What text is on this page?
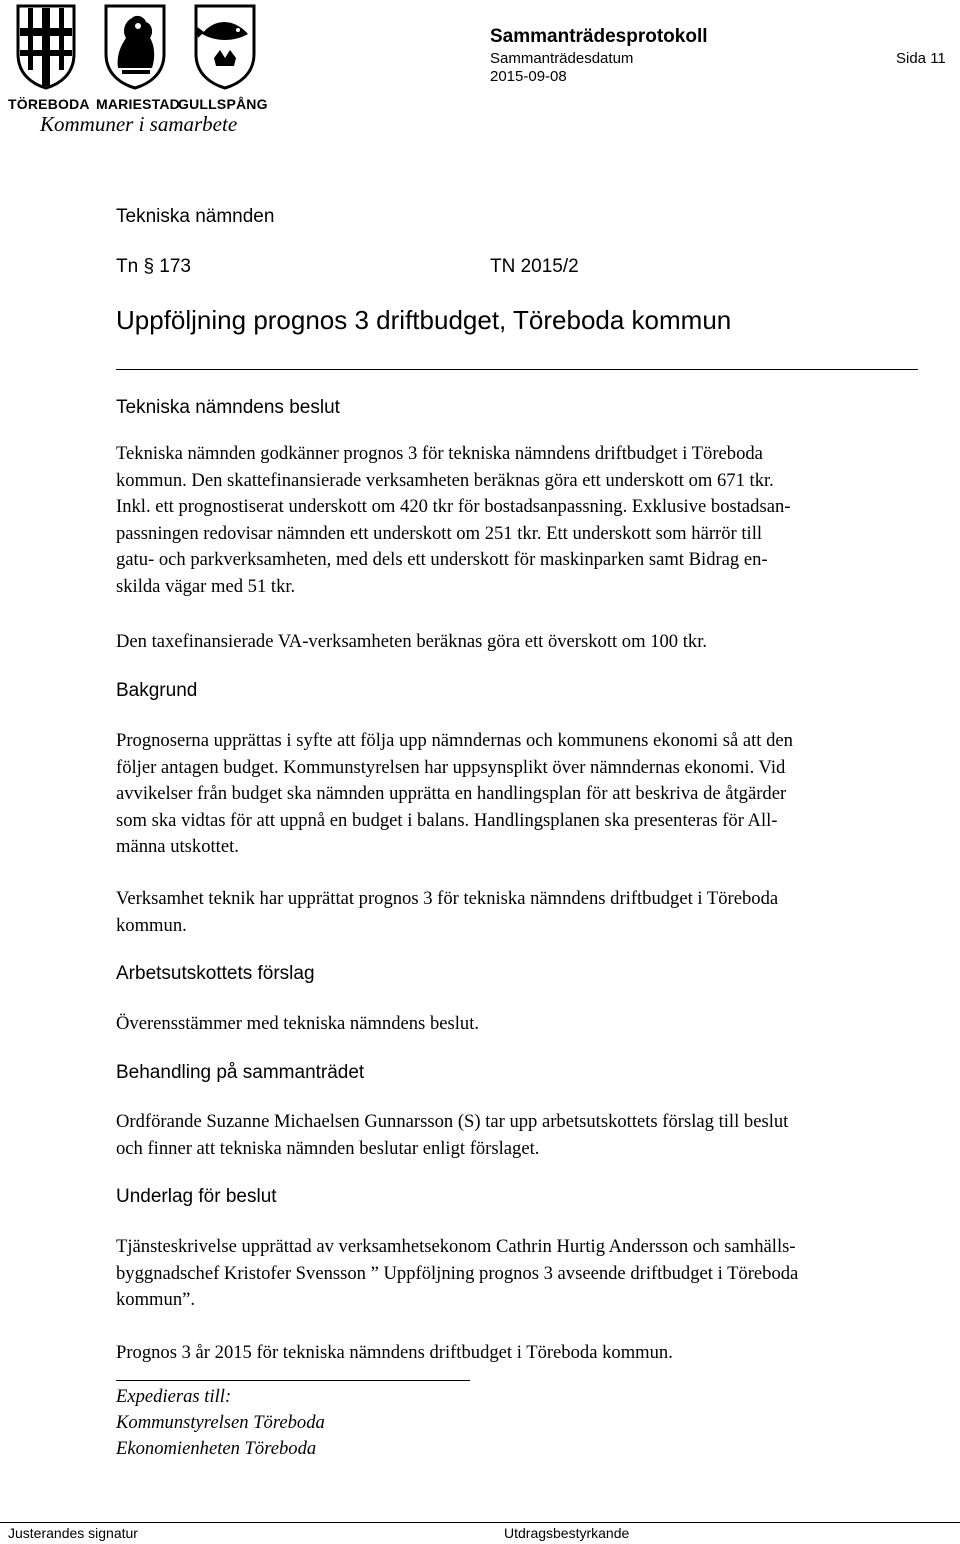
TÖREBODA MARIESTAD
GULLSPÅNG
Kommuner i samarbete
Sammanträdesprotokoll
Sammanträdesdatum
2015-09-08
Sida 11
Tekniska nämnden
Tn § 173	TN 2015/2
Uppföljning prognos 3 driftbudget, Töreboda kommun
Tekniska nämndens beslut

Tekniska nämnden godkänner prognos 3 för tekniska nämndens driftbudget i Töreboda

kommun. Den skattefinansierade verksamheten beräknas göra ett underskott om 671 tkr.

Inkl. ett prognostiserat underskott om 420 tkr för bostadsanpassning. Exklusive bostadsan-

passningen redovisar nämnden ett underskott om 251 tkr. Ett underskott som härrör till

gatu- och parkverksamheten, med dels ett underskott för maskinparken samt Bidrag en-

skilda vägar med 51 tkr.

Den taxefinansierade VA-verksamheten beräknas göra ett överskott om 100 tkr.

Bakgrund

Prognoserna upprättas i syfte att följa upp nämndernas och kommunens ekonomi så att den

följer antagen budget. Kommunstyrelsen har uppsynsplikt över nämndernas ekonomi. Vid

avvikelser från budget ska nämnden upprätta en handlingsplan för att beskriva de åtgärder

som ska vidtas för att uppnå en budget i balans. Handlingsplanen ska presenteras för All-

männa utskottet.

Verksamhet teknik har upprättat prognos 3 för tekniska nämndens driftbudget i Töreboda

kommun.

Arbetsutskottets förslag

Överensstämmer med tekniska nämndens beslut.

Behandling på sammanträdet

Ordförande Suzanne Michaelsen Gunnarsson (S) tar upp arbetsutskottets förslag till beslut

och finner att tekniska nämnden beslutar enligt förslaget.

Underlag för beslut

Tjänsteskrivelse upprättad av verksamhetsekonom Cathrin Hurtig Andersson och samhälls-

byggnadschef Kristofer Svensson ” Uppföljning prognos 3 avseende driftbudget i Töreboda

kommun”.

Prognos 3 år 2015 för tekniska nämndens driftbudget i Töreboda kommun.

Expedieras till:
Kommunstyrelsen Töreboda
Ekonomienheten Töreboda
Justerandes signatur	Utdragsbestyrkande
